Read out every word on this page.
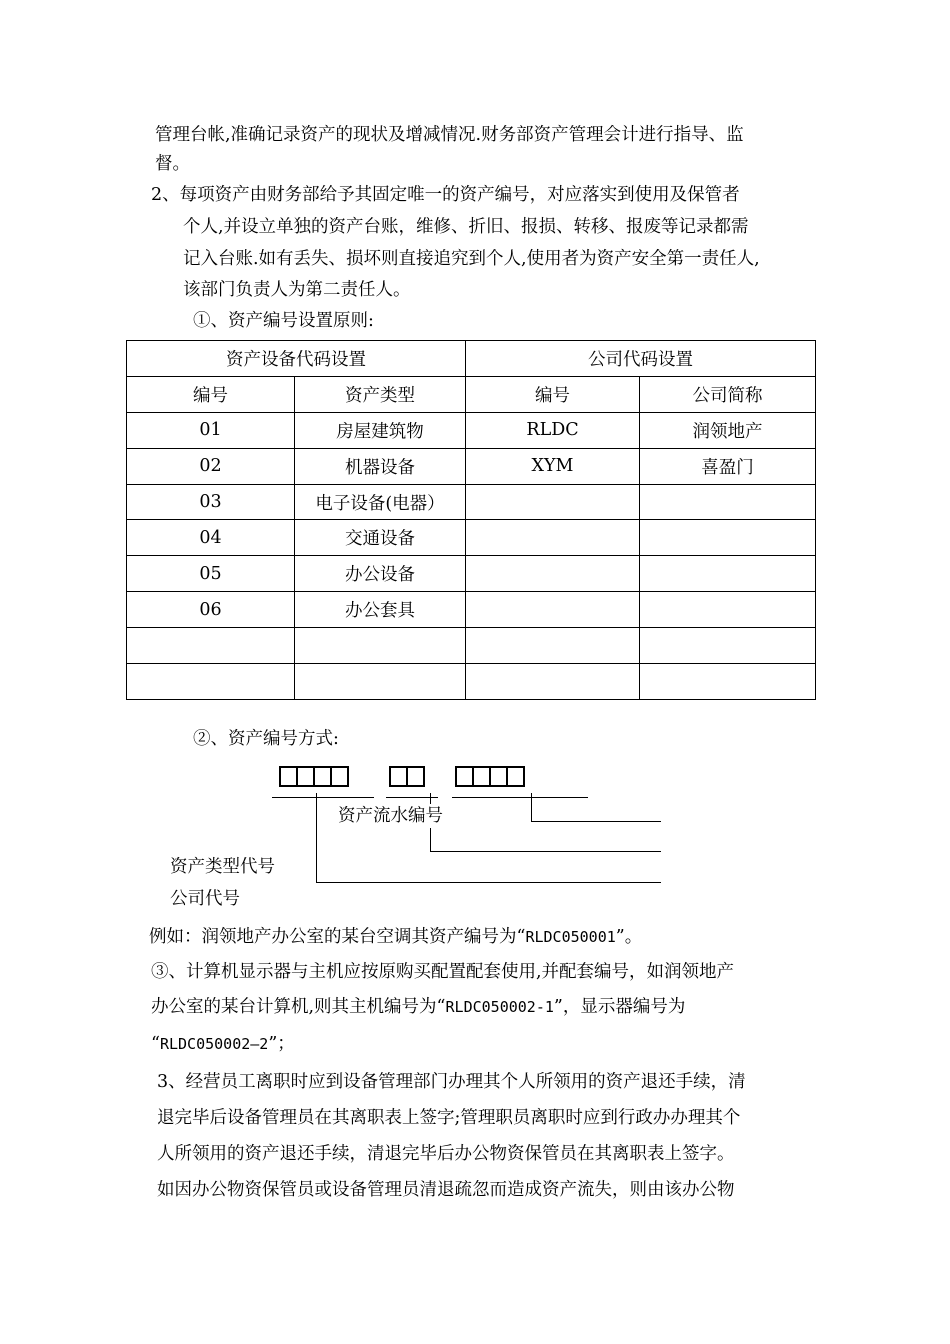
管理台帐,准确记录资产的现状及增减情况.财务部资产管理会计进行指导、监
督。
2、每项资产由财务部给予其固定唯一的资产编号，对应落实到使用及保管者
个人,并设立单独的资产台账，维修、折旧、报损、转移、报废等记录都需
记入台账.如有丢失、损坏则直接追究到个人,使用者为资产安全第一责任人,
该部门负责人为第二责任人。
①、资产编号设置原则:
资产设备代码设置		公司代码设置	
编号	资产类型	编号	公司简称
01	房屋建筑物	RLDC	润领地产
02	机器设备	XYM	喜盈门
03	电子设备(电器）		
04	交通设备		
05	办公设备		
06	办公套具		

②、资产编号方式:
资产流水编号
资产类型代号
公司代号
例如：润领地产办公室的某台空调其资产编号为“RLDC050001”。
③、计算机显示器与主机应按原购买配置配套使用,并配套编号，如润领地产
办公室的某台计算机,则其主机编号为“RLDC050002-1”，显示器编号为
“RLDC050002—2”；
3、经营员工离职时应到设备管理部门办理其个人所领用的资产退还手续，清
退完毕后设备管理员在其离职表上签字;管理职员离职时应到行政办办理其个
人所领用的资产退还手续，清退完毕后办公物资保管员在其离职表上签字。
如因办公物资保管员或设备管理员清退疏忽而造成资产流失，则由该办公物
